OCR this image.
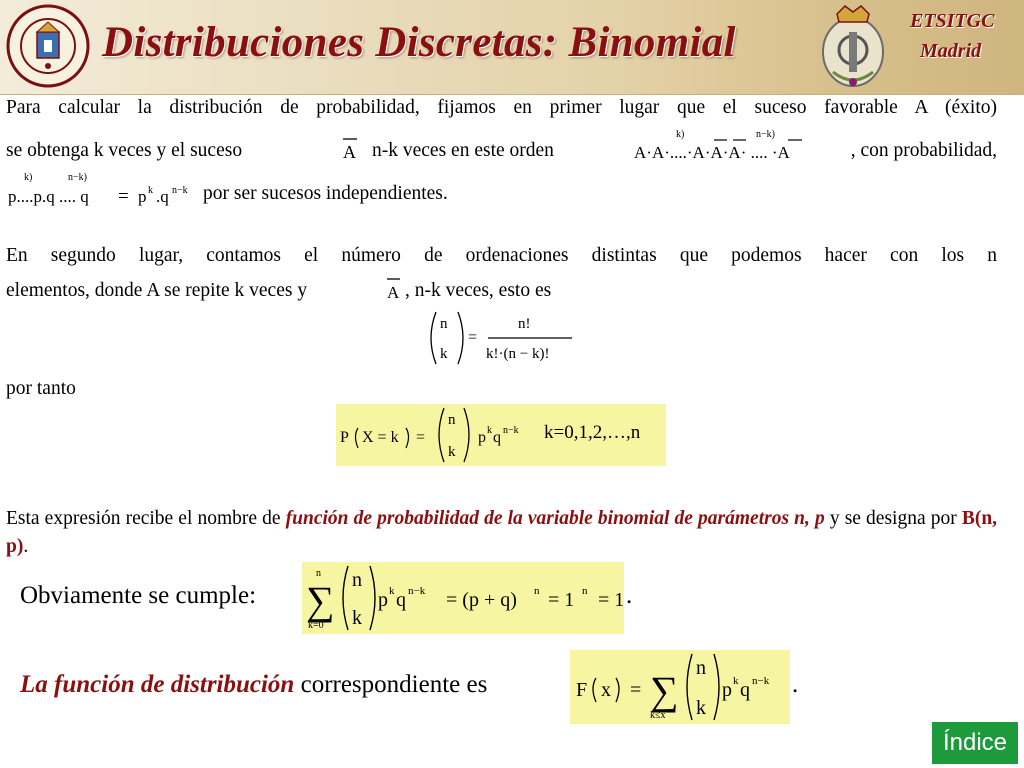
Distribuciones Discretas: Binomial	ETSITGC
Madrid
Para calcular la distribución de probabilidad, fijamos en primer lugar que el suceso favorable A (éxito)
se obtenga k veces y el suceso	A n-k veces en este orden
k)	n−k)
A·A·....·A·A·A· .... ·A	, con probabilidad,
k)	n−k)
p....p.q .... q = p k .q n−k por ser sucesos independientes.
En segundo lugar, contamos el número de ordenaciones distintas que podemos hacer con los n
elementos, donde A se repite k veces y	A , n-k veces, esto es
n
k
=
n!
k!·(n − k)!
por tanto
P X = k =
n
k
p k q n−k k=0,1,2,…,n
Esta expresión recibe el nombre de función de probabilidad de la variable binomial de parámetros n, p y se designa por B(n, p).
Obviamente se cumple:
n
∑
k=0
n
k
p k q n−k = (p + q) n = 1 n = 1 .
La función de distribución correspondiente es	F x = ∑
k≤x
n
k
p k q n−k .
Índice
